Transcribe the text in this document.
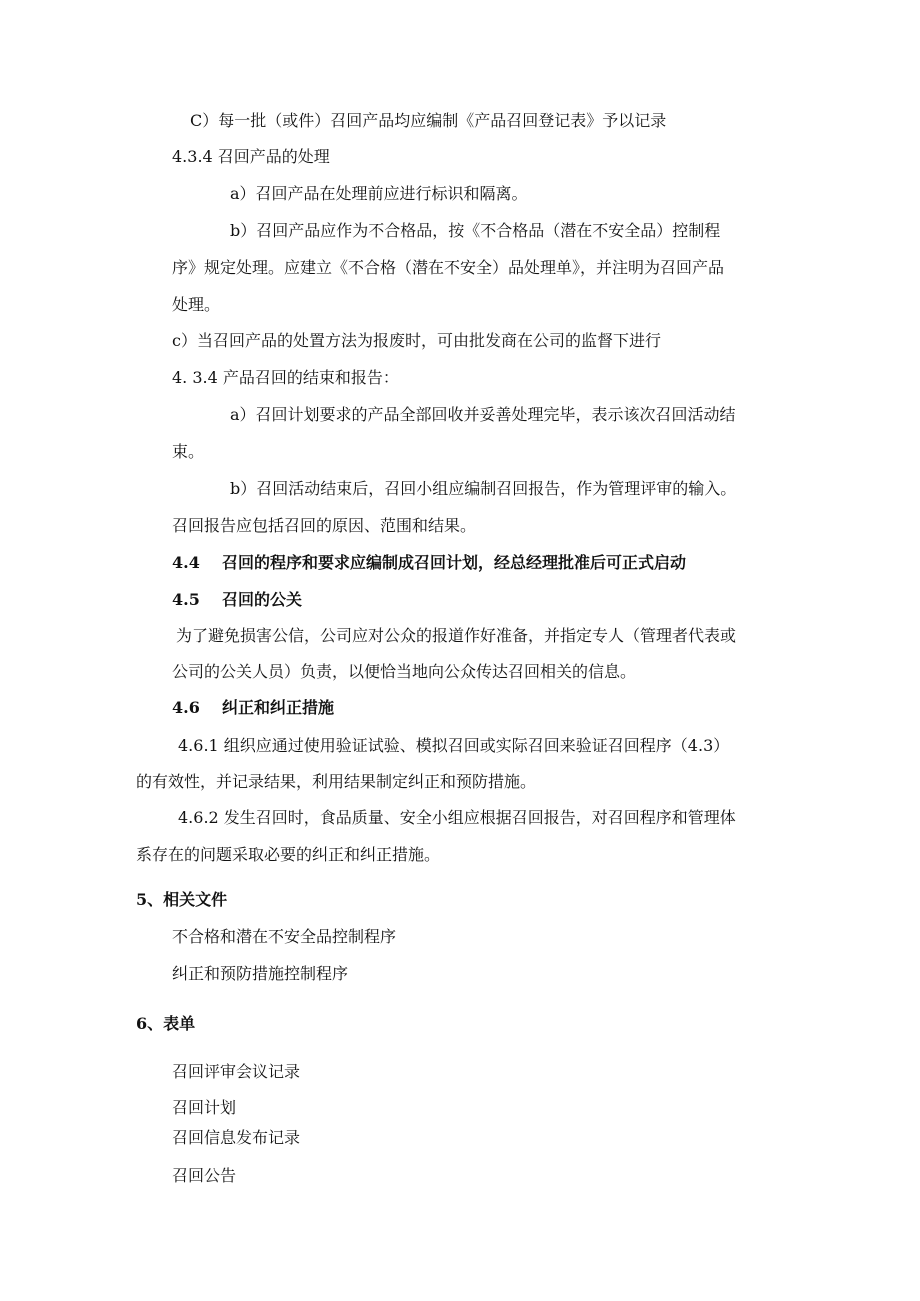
C）每一批（或件）召回产品均应编制《产品召回登记表》予以记录
4.3.4 召回产品的处理
a）召回产品在处理前应进行标识和隔离。
b）召回产品应作为不合格品，按《不合格品（潜在不安全品）控制程
序》规定处理。应建立《不合格（潜在不安全）品处理单》，并注明为召回产品
处理。
c）当召回产品的处置方法为报废时，可由批发商在公司的监督下进行
4. 3.4 产品召回的结束和报告：
a）召回计划要求的产品全部回收并妥善处理完毕，表示该次召回活动结
束。
b）召回活动结束后，召回小组应编制召回报告，作为管理评审的输入。
召回报告应包括召回的原因、范围和结果。
4.4 召回的程序和要求应编制成召回计划，经总经理批准后可正式启动
4.5 召回的公关
为了避免损害公信，公司应对公众的报道作好准备，并指定专人（管理者代表或
公司的公关人员）负责，以便恰当地向公众传达召回相关的信息。
4.6 纠正和纠正措施
4.6.1 组织应通过使用验证试验、模拟召回或实际召回来验证召回程序（4.3）
的有效性，并记录结果，利用结果制定纠正和预防措施。
4.6.2 发生召回时，食品质量、安全小组应根据召回报告，对召回程序和管理体
系存在的问题采取必要的纠正和纠正措施。
5、相关文件
不合格和潜在不安全品控制程序
纠正和预防措施控制程序
6、表单
召回评审会议记录
召回计划
召回信息发布记录
召回公告
